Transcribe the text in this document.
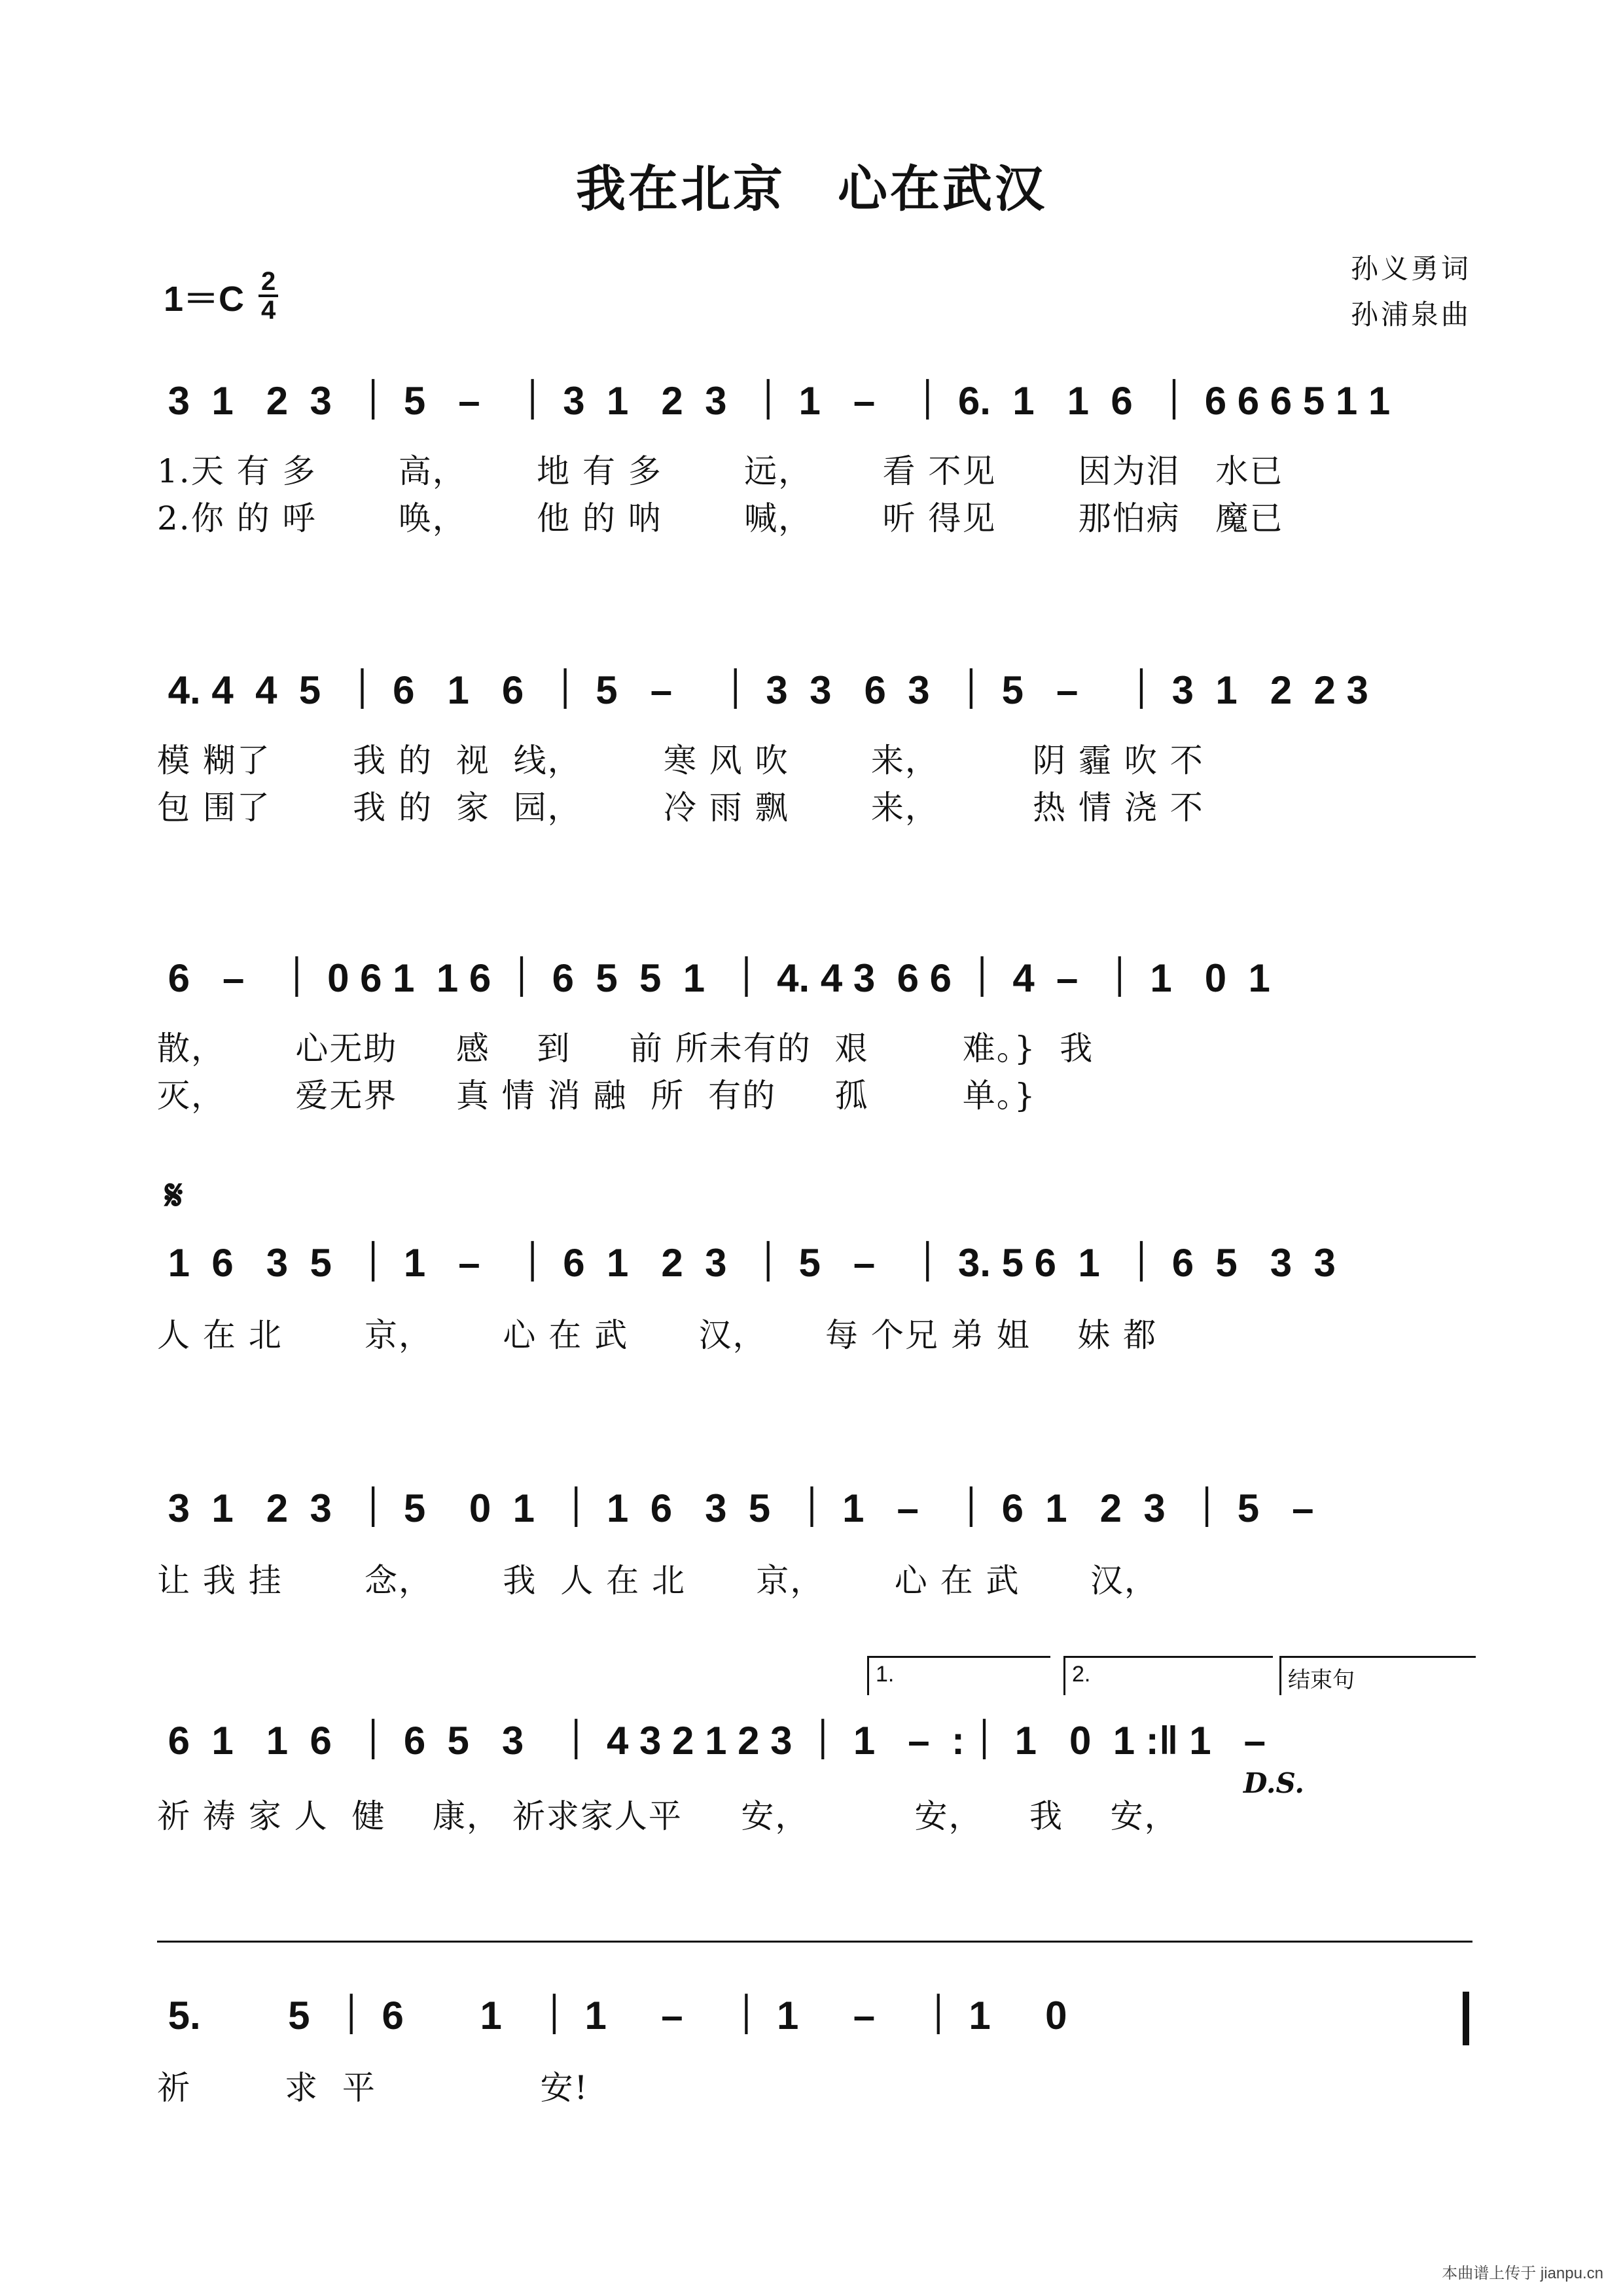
我在北京　心在武汉
$1=C \frac{2}{4}$	孙义勇词
孙浦泉曲
3  1   2  3  ｜ 5   –   ｜ 3  1   2  3  ｜ 1   –   ｜ 6.  1   1  6  ｜ 6 6 6 5 1 1
1.天 有 多       高，      地 有 多       远，      看 不见       因为泪   水已
2.你 的 呼       唤，      他 的 呐       喊，      听 得见       那怕病   魔已
4. 4  4  5  ｜ 6   1   6  ｜ 5   –    ｜ 3  3   6  3  ｜ 5   –    ｜ 3  1   2  2 3
模 糊了       我 的  视  线，       寒 风 吹       来，        阴 霾 吹 不
包 围了       我 的  家  园，       冷 雨 飘       来，        热 情 浇 不
6   –   ｜ 0 6 1  1 6 ｜ 6  5  5  1  ｜ 4. 4 3  6 6 ｜ 4  –  ｜ 1   0  1
散，      心无助     感    到     前 所未有的  艰        难。}  我
灭，      爱无界     真 情 消 融  所  有的     孤        单。}
𝄋
1  6   3  5  ｜ 1   –   ｜ 6  1   2  3  ｜ 5   –   ｜ 3. 5 6  1  ｜ 6  5   3  3
人 在 北       京，      心 在 武      汉，     每 个兄 弟 姐    妹 都
3  1   2  3  ｜ 5    0  1  ｜ 1  6   3  5  ｜ 1   –   ｜ 6  1   2  3  ｜ 5   –
让 我 挂       念，      我  人 在 北      京，      心 在 武      汉，
1.	2.	结束句
6  1   1  6  ｜ 6  5   3   ｜ 4 3 2 1 2 3 ｜ 1   –  :｜ 1   0  1 :‖ 1   –
祈 祷 家 人  健    康， 祈求家人平     安，         安，    我    安，
D.S.
5.        5  ｜ 6       1   ｜ 1     –    ｜ 1     –    ｜ 1     0
祈        求  平              安!
本曲谱上传于 jianpu.cn
